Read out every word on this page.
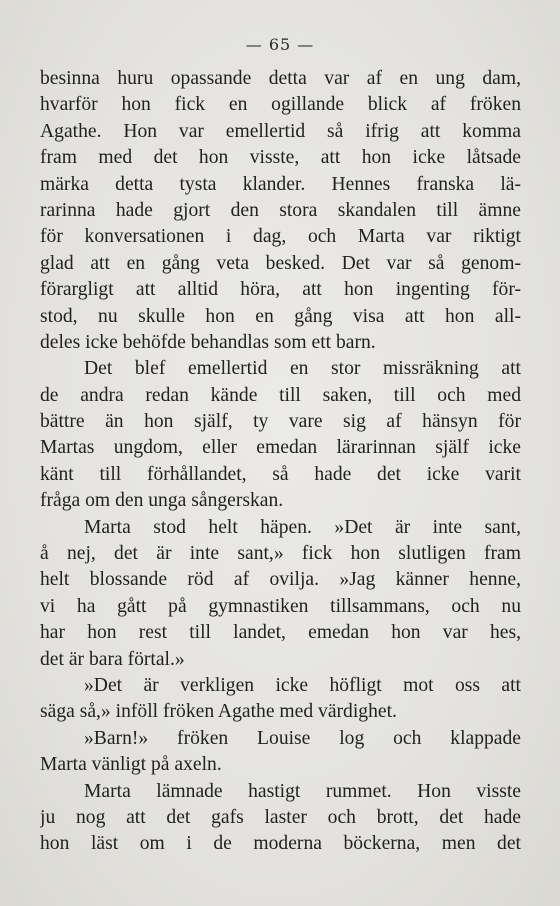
— 65 —
besinna huru opassande detta var af en ung dam,
hvarför hon fick en ogillande blick af fröken
Agathe. Hon var emellertid så ifrig att komma
fram med det hon visste, att hon icke låtsade
märka detta tysta klander. Hennes franska lä-
rarinna hade gjort den stora skandalen till ämne
för konversationen i dag, och Marta var riktigt
glad att en gång veta besked. Det var så genom-
förargligt att alltid höra, att hon ingenting för-
stod, nu skulle hon en gång visa att hon all-
deles icke behöfde behandlas som ett barn.
Det blef emellertid en stor missräkning att
de andra redan kände till saken, till och med
bättre än hon själf, ty vare sig af hänsyn för
Martas ungdom, eller emedan lärarinnan själf icke
känt till förhållandet, så hade det icke varit
fråga om den unga sångerskan.
Marta stod helt häpen. »Det är inte sant,
å nej, det är inte sant,» fick hon slutligen fram
helt blossande röd af ovilja. »Jag känner henne,
vi ha gått på gymnastiken tillsammans, och nu
har hon rest till landet, emedan hon var hes,
det är bara förtal.»
»Det är verkligen icke höfligt mot oss att
säga så,» inföll fröken Agathe med värdighet.
»Barn!» fröken Louise log och klappade
Marta vänligt på axeln.
Marta lämnade hastigt rummet. Hon visste
ju nog att det gafs laster och brott, det hade
hon läst om i de moderna böckerna, men det
